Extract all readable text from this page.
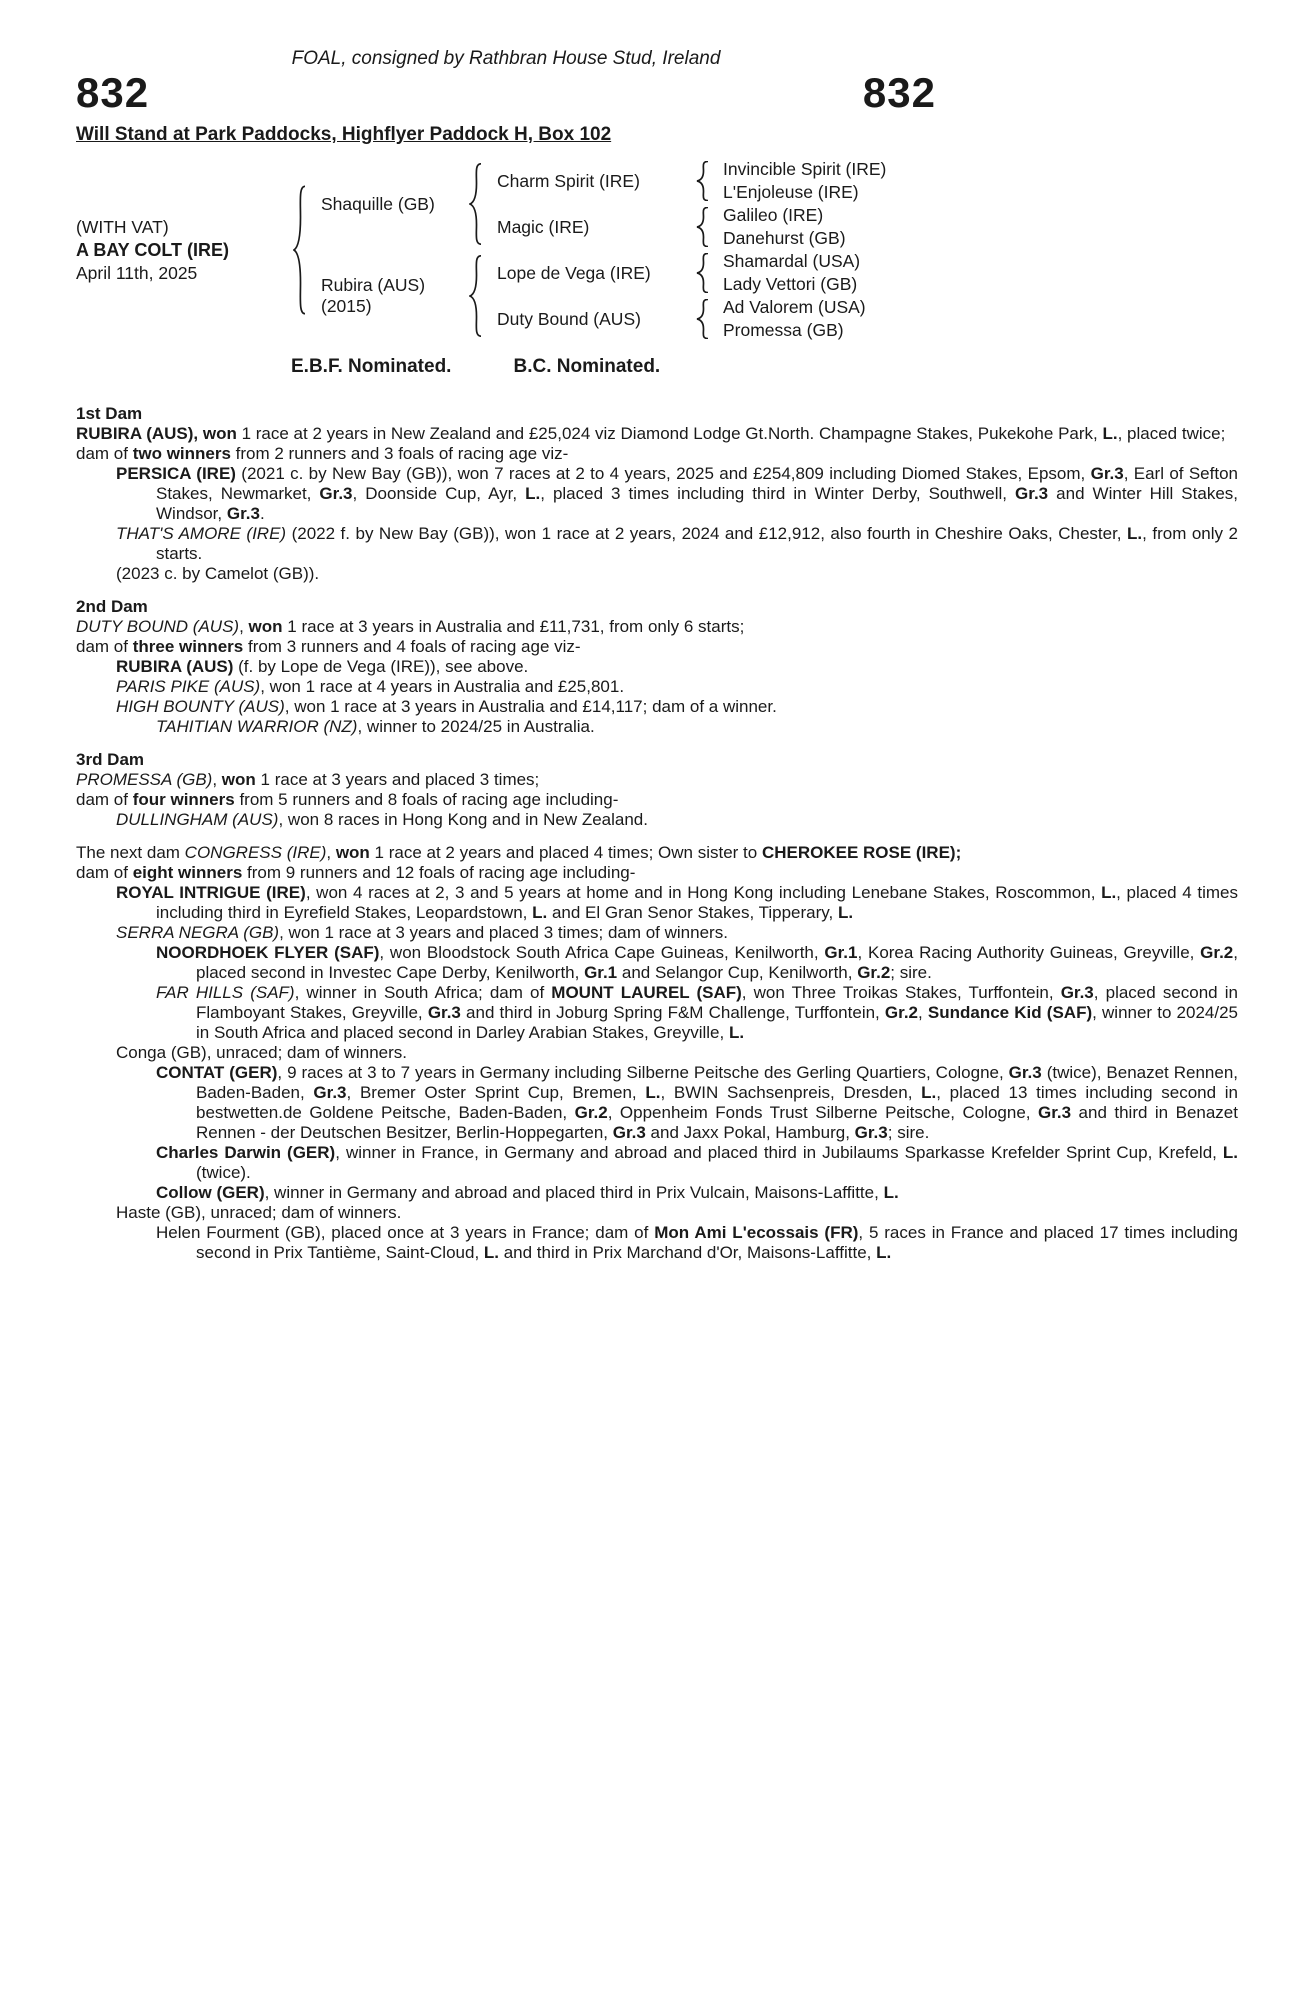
FOAL, consigned by Rathbran House Stud, Ireland
832	832
Will Stand at Park Paddocks, Highflyer Paddock H, Box 102
(WITH VAT)
A BAY COLT (IRE)
April 11th, 2025
Shaquille (GB)
Charm Spirit (IRE)
Invincible Spirit (IRE)
L'Enjoleuse (IRE)
Magic (IRE)
Galileo (IRE)
Danehurst (GB)
Rubira (AUS)
(2015)
Lope de Vega (IRE)
Shamardal (USA)
Lady Vettori (GB)
Duty Bound (AUS)
Ad Valorem (USA)
Promessa (GB)
E.B.F. Nominated.	B.C. Nominated.

1st Dam

RUBIRA (AUS), won 1 race at 2 years in New Zealand and £25,024 viz Diamond Lodge Gt.North. Champagne Stakes, Pukekohe Park, L., placed twice;

dam of two winners from 2 runners and 3 foals of racing age viz-

PERSICA (IRE) (2021 c. by New Bay (GB)), won 7 races at 2 to 4 years, 2025 and £254,809 including Diomed Stakes, Epsom, Gr.3, Earl of Sefton Stakes, Newmarket, Gr.3, Doonside Cup, Ayr, L., placed 3 times including third in Winter Derby, Southwell, Gr.3 and Winter Hill Stakes, Windsor, Gr.3.

THAT'S AMORE (IRE) (2022 f. by New Bay (GB)), won 1 race at 2 years, 2024 and £12,912, also fourth in Cheshire Oaks, Chester, L., from only 2 starts.

(2023 c. by Camelot (GB)).

2nd Dam

DUTY BOUND (AUS), won 1 race at 3 years in Australia and £11,731, from only 6 starts;

dam of three winners from 3 runners and 4 foals of racing age viz-

RUBIRA (AUS) (f. by Lope de Vega (IRE)), see above.

PARIS PIKE (AUS), won 1 race at 4 years in Australia and £25,801.

HIGH BOUNTY (AUS), won 1 race at 3 years in Australia and £14,117; dam of a winner.

TAHITIAN WARRIOR (NZ), winner to 2024/25 in Australia.

3rd Dam

PROMESSA (GB), won 1 race at 3 years and placed 3 times;

dam of four winners from 5 runners and 8 foals of racing age including-

DULLINGHAM (AUS), won 8 races in Hong Kong and in New Zealand.

The next dam CONGRESS (IRE), won 1 race at 2 years and placed 4 times; Own sister to CHEROKEE ROSE (IRE);

dam of eight winners from 9 runners and 12 foals of racing age including-

ROYAL INTRIGUE (IRE), won 4 races at 2, 3 and 5 years at home and in Hong Kong including Lenebane Stakes, Roscommon, L., placed 4 times including third in Eyrefield Stakes, Leopardstown, L. and El Gran Senor Stakes, Tipperary, L.

SERRA NEGRA (GB), won 1 race at 3 years and placed 3 times; dam of winners.

NOORDHOEK FLYER (SAF), won Bloodstock South Africa Cape Guineas, Kenilworth, Gr.1, Korea Racing Authority Guineas, Greyville, Gr.2, placed second in Investec Cape Derby, Kenilworth, Gr.1 and Selangor Cup, Kenilworth, Gr.2; sire.

FAR HILLS (SAF), winner in South Africa; dam of MOUNT LAUREL (SAF), won Three Troikas Stakes, Turffontein, Gr.3, placed second in Flamboyant Stakes, Greyville, Gr.3 and third in Joburg Spring F&M Challenge, Turffontein, Gr.2, Sundance Kid (SAF), winner to 2024/25 in South Africa and placed second in Darley Arabian Stakes, Greyville, L.

Conga (GB), unraced; dam of winners.

CONTAT (GER), 9 races at 3 to 7 years in Germany including Silberne Peitsche des Gerling Quartiers, Cologne, Gr.3 (twice), Benazet Rennen, Baden-Baden, Gr.3, Bremer Oster Sprint Cup, Bremen, L., BWIN Sachsenpreis, Dresden, L., placed 13 times including second in bestwetten.de Goldene Peitsche, Baden-Baden, Gr.2, Oppenheim Fonds Trust Silberne Peitsche, Cologne, Gr.3 and third in Benazet Rennen - der Deutschen Besitzer, Berlin-Hoppegarten, Gr.3 and Jaxx Pokal, Hamburg, Gr.3; sire.

Charles Darwin (GER), winner in France, in Germany and abroad and placed third in Jubilaums Sparkasse Krefelder Sprint Cup, Krefeld, L. (twice).

Collow (GER), winner in Germany and abroad and placed third in Prix Vulcain, Maisons-Laffitte, L.

Haste (GB), unraced; dam of winners.

Helen Fourment (GB), placed once at 3 years in France; dam of Mon Ami L'ecossais (FR), 5 races in France and placed 17 times including second in Prix Tantième, Saint-Cloud, L. and third in Prix Marchand d'Or, Maisons-Laffitte, L.
